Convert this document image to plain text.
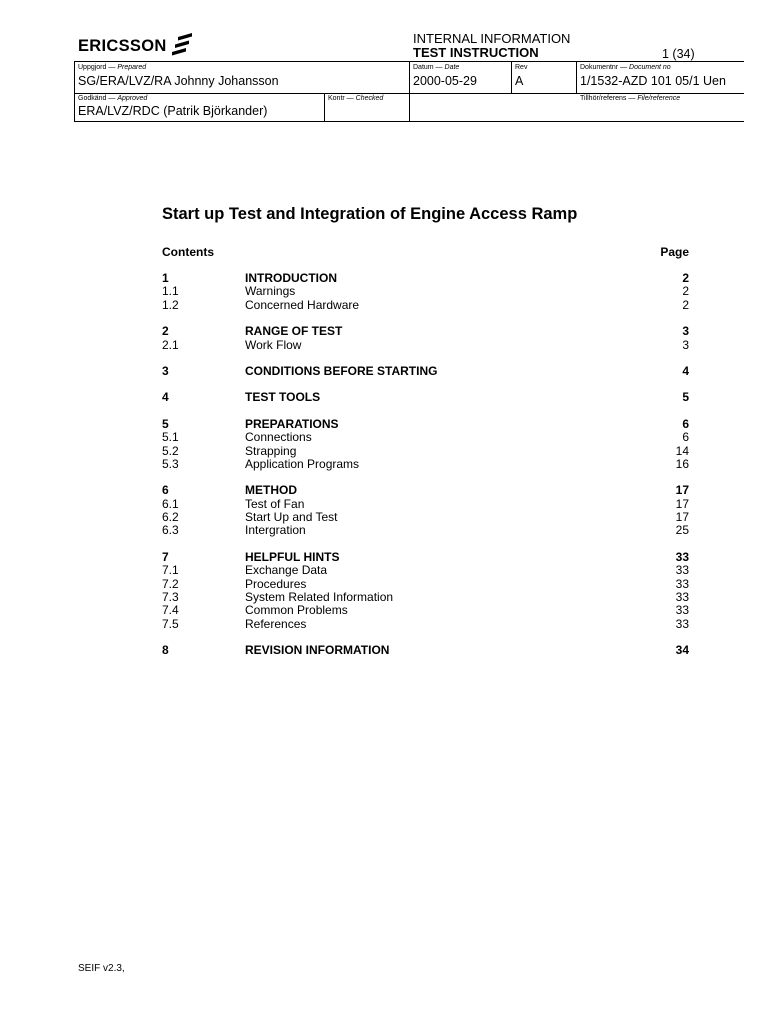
ERICSSON	INTERNAL INFORMATION
TEST INSTRUCTION	1 (34)
Uppgjord — Prepared
SG/ERA/LVZ/RA Johnny Johansson
Datum — Date
2000-05-29
Rev
A
Dokumentnr — Document no
1/1532-AZD 101 05/1 Uen
Godkänd — Approved
ERA/LVZ/RDC (Patrik Björkander)
Kontr — Checked	Tillhör/referens — File/reference
Start up Test and Integration of Engine Access Ramp
Contents	Page
1	INTRODUCTION	2
1.1	Warnings	2
1.2	Concerned Hardware	2
2	RANGE OF TEST	3
2.1	Work Flow	3
3	CONDITIONS BEFORE STARTING	4
4	TEST TOOLS	5
5	PREPARATIONS	6
5.1	Connections	6
5.2	Strapping	14
5.3	Application Programs	16
6	METHOD	17
6.1	Test of Fan	17
6.2	Start Up and Test	17
6.3	Intergration	25
7	HELPFUL HINTS	33
7.1	Exchange Data	33
7.2	Procedures	33
7.3	System Related Information	33
7.4	Common Problems	33
7.5	References	33
8	REVISION INFORMATION	34
SEIF v2.3,
